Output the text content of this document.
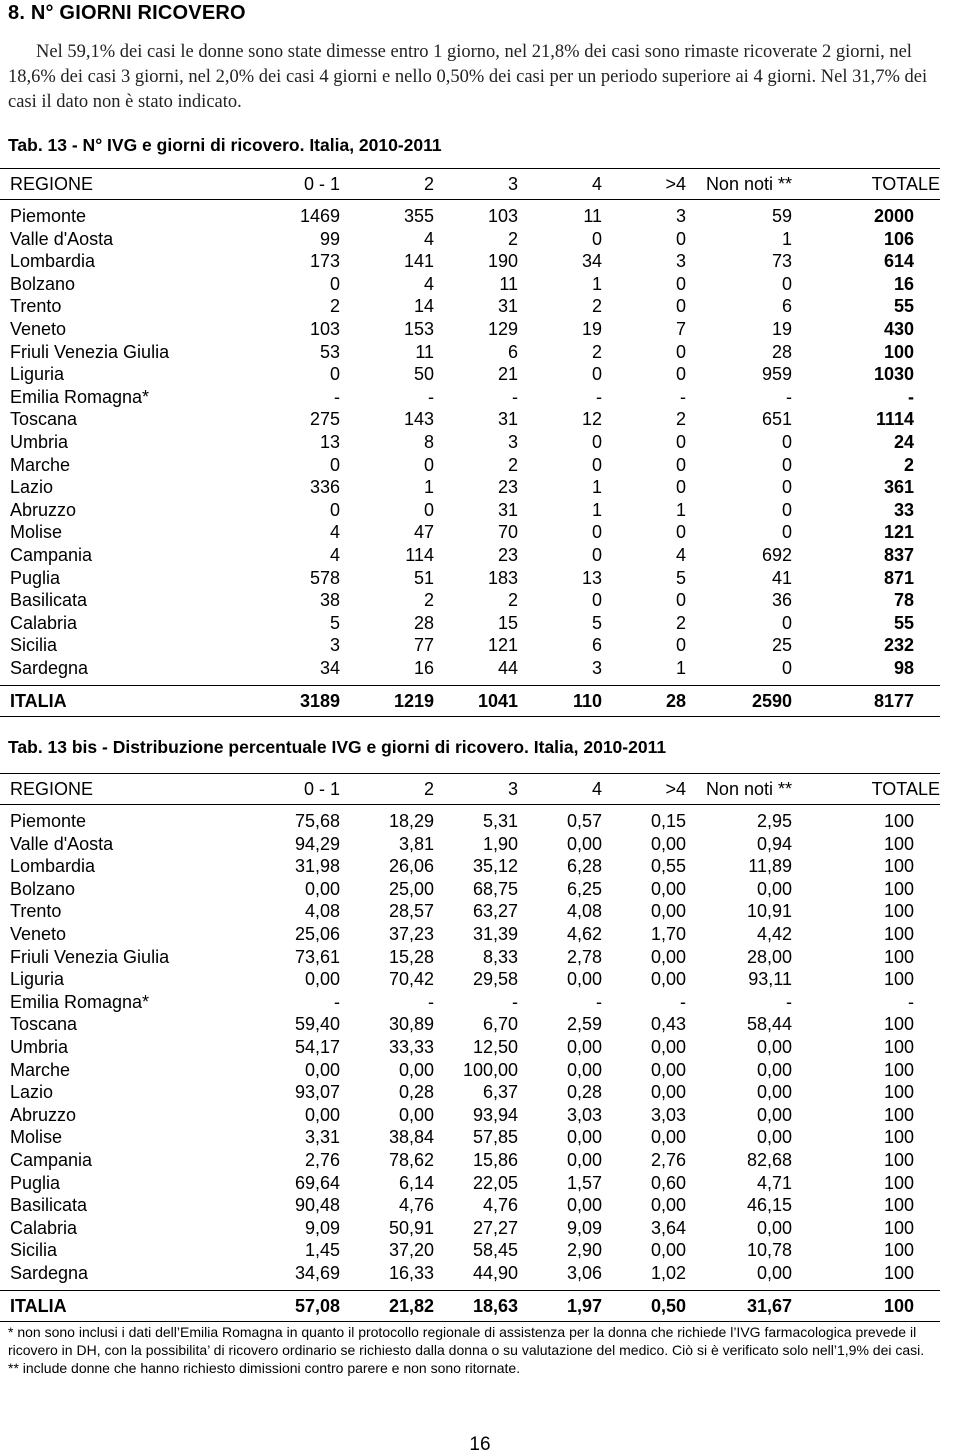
8. N° GIORNI RICOVERO

Nel 59,1% dei casi le donne sono state dimesse entro 1 giorno, nel 21,8% dei casi sono rimaste ricoverate 2 giorni, nel 18,6% dei casi 3 giorni, nel 2,0% dei casi 4 giorni e nello 0,50% dei casi per un periodo superiore ai 4 giorni. Nel 31,7% dei casi il dato non è stato indicato.

Tab. 13 - N° IVG e giorni di ricovero. Italia, 2010-2011
REGIONE	0 - 1	2	3	4	>4	Non noti **	TOTALE
Piemonte	1469	355	103	11	3	59	2000
Valle d'Aosta	99	4	2	0	0	1	106
Lombardia	173	141	190	34	3	73	614
Bolzano	0	4	11	1	0	0	16
Trento	2	14	31	2	0	6	55
Veneto	103	153	129	19	7	19	430
Friuli Venezia Giulia	53	11	6	2	0	28	100
Liguria	0	50	21	0	0	959	1030
Emilia Romagna*	-	-	-	-	-	-	-
Toscana	275	143	31	12	2	651	1114
Umbria	13	8	3	0	0	0	24
Marche	0	0	2	0	0	0	2
Lazio	336	1	23	1	0	0	361
Abruzzo	0	0	31	1	1	0	33
Molise	4	47	70	0	0	0	121
Campania	4	114	23	0	4	692	837
Puglia	578	51	183	13	5	41	871
Basilicata	38	2	2	0	0	36	78
Calabria	5	28	15	5	2	0	55
Sicilia	3	77	121	6	0	25	232
Sardegna	34	16	44	3	1	0	98
ITALIA	3189	1219	1041	110	28	2590	8177
Tab. 13 bis - Distribuzione percentuale IVG e giorni di ricovero. Italia, 2010-2011
REGIONE	0 - 1	2	3	4	>4	Non noti **	TOTALE
Piemonte	75,68	18,29	5,31	0,57	0,15	2,95	100
Valle d'Aosta	94,29	3,81	1,90	0,00	0,00	0,94	100
Lombardia	31,98	26,06	35,12	6,28	0,55	11,89	100
Bolzano	0,00	25,00	68,75	6,25	0,00	0,00	100
Trento	4,08	28,57	63,27	4,08	0,00	10,91	100
Veneto	25,06	37,23	31,39	4,62	1,70	4,42	100
Friuli Venezia Giulia	73,61	15,28	8,33	2,78	0,00	28,00	100
Liguria	0,00	70,42	29,58	0,00	0,00	93,11	100
Emilia Romagna*	-	-	-	-	-	-	-
Toscana	59,40	30,89	6,70	2,59	0,43	58,44	100
Umbria	54,17	33,33	12,50	0,00	0,00	0,00	100
Marche	0,00	0,00	100,00	0,00	0,00	0,00	100
Lazio	93,07	0,28	6,37	0,28	0,00	0,00	100
Abruzzo	0,00	0,00	93,94	3,03	3,03	0,00	100
Molise	3,31	38,84	57,85	0,00	0,00	0,00	100
Campania	2,76	78,62	15,86	0,00	2,76	82,68	100
Puglia	69,64	6,14	22,05	1,57	0,60	4,71	100
Basilicata	90,48	4,76	4,76	0,00	0,00	46,15	100
Calabria	9,09	50,91	27,27	9,09	3,64	0,00	100
Sicilia	1,45	37,20	58,45	2,90	0,00	10,78	100
Sardegna	34,69	16,33	44,90	3,06	1,02	0,00	100
ITALIA	57,08	21,82	18,63	1,97	0,50	31,67	100

* non sono inclusi i dati dell’Emilia Romagna in quanto il protocollo regionale di assistenza per la donna che richiede l’IVG farmacologica prevede il ricovero in DH, con la possibilita’ di ricovero ordinario se richiesto dalla donna o su valutazione del medico. Ciò si è verificato solo nell’1,9% dei casi.

** include donne che hanno richiesto dimissioni contro parere e non sono ritornate.

16
